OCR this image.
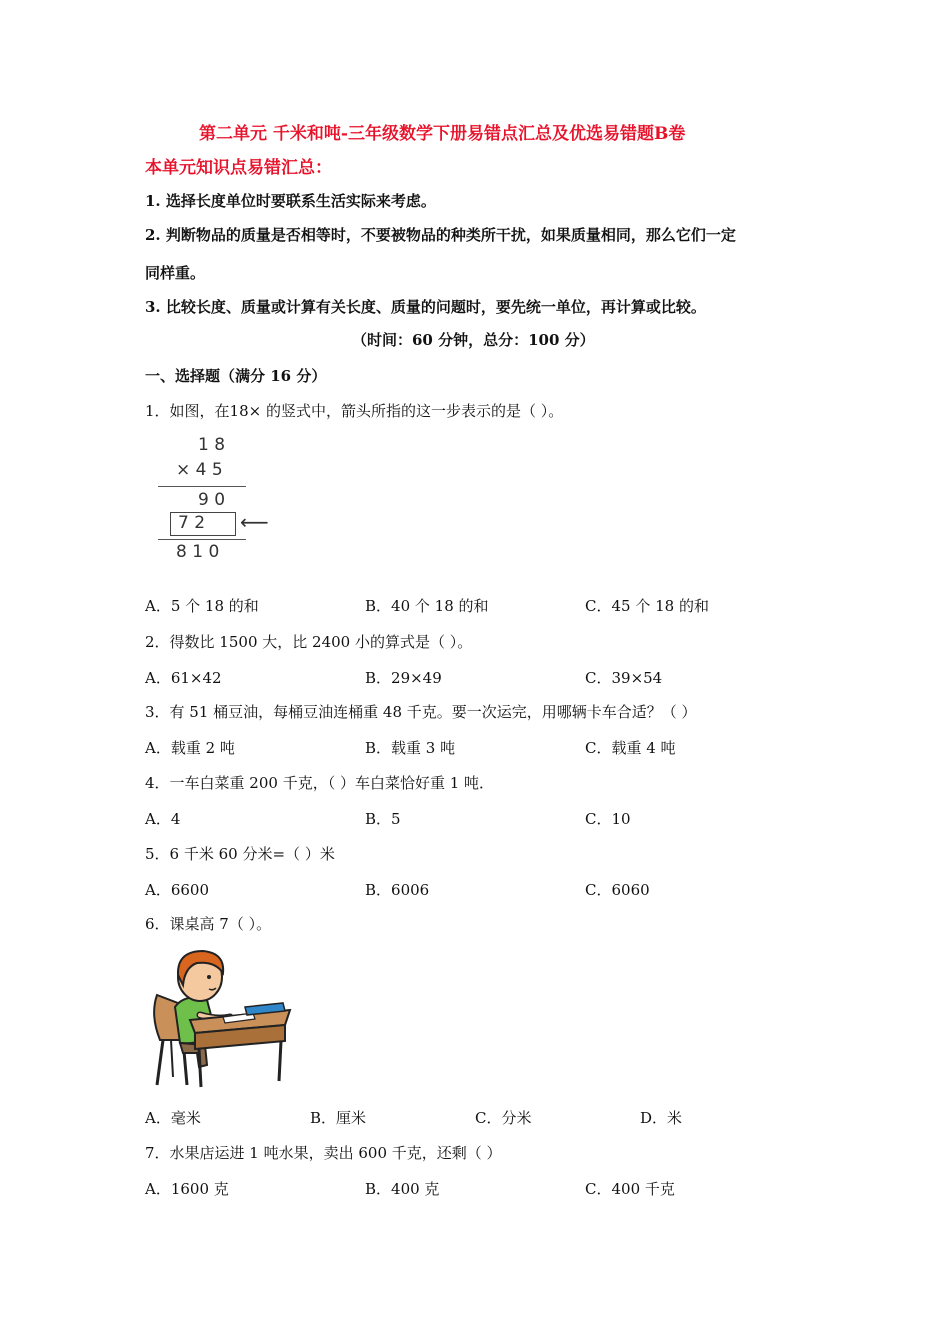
第二单元 千米和吨-三年级数学下册易错点汇总及优选易错题B卷
本单元知识点易错汇总：
1. 选择长度单位时要联系生活实际来考虑。
2. 判断物品的质量是否相等时，不要被物品的种类所干扰，如果质量相同，那么它们一定
同样重。
3. 比较长度、质量或计算有关长度、质量的问题时，要先统一单位，再计算或比较。
（时间：60 分钟，总分：100 分）
一、选择题（满分 16 分）
1．如图，在18× 的竖式中，箭头所指的这一步表示的是（ ）。
1 8
× 4 5
9 0
7 2 ⟵
8 1 0
A．5 个 18 的和	B．40 个 18 的和	C．45 个 18 的和
2．得数比 1500 大，比 2400 小的算式是（ ）。
A．61×42	B．29×49	C．39×54
3．有 51 桶豆油，每桶豆油连桶重 48 千克。要一次运完，用哪辆卡车合适？（ ）
A．载重 2 吨	B．载重 3 吨	C．载重 4 吨
4．一车白菜重 200 千克，（ ）车白菜恰好重 1 吨．
A．4	B．5	C．10
5．6 千米 60 分米=（ ）米
A．6600	B．6006	C．6060
6．课桌高 7（ ）。
A．毫米	B．厘米	C．分米	D．米
7．水果店运进 1 吨水果，卖出 600 千克，还剩（ ）
A．1600 克	B．400 克	C．400 千克
